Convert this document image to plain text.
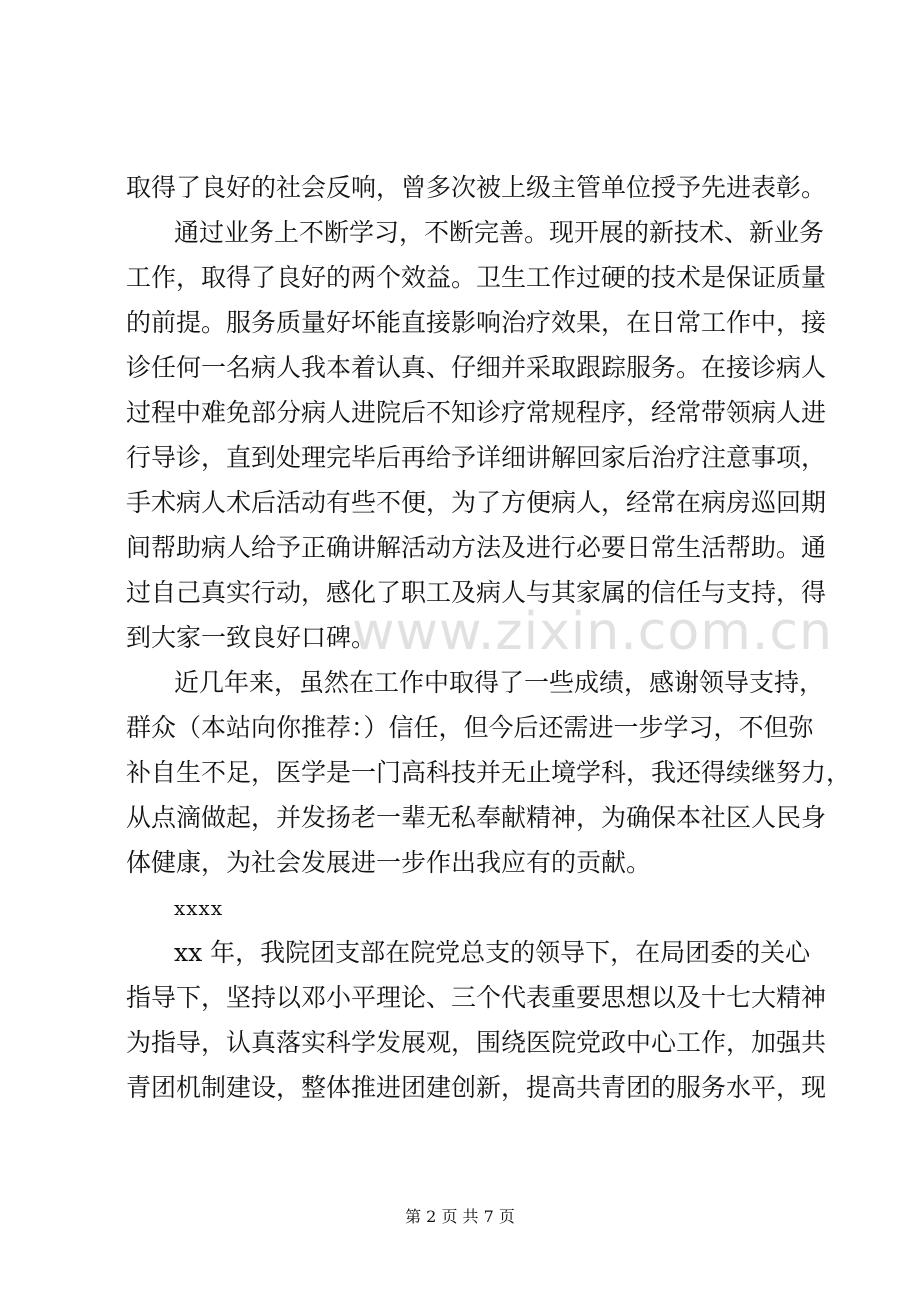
取得了良好的社会反响，曾多次被上级主管单位授予先进表彰。
通过业务上不断学习，不断完善。现开展的新技术、新业务
工作，取得了良好的两个效益。卫生工作过硬的技术是保证质量
的前提。服务质量好坏能直接影响治疗效果，在日常工作中，接
诊任何一名病人我本着认真、仔细并采取跟踪服务。在接诊病人
过程中难免部分病人进院后不知诊疗常规程序，经常带领病人进
行导诊，直到处理完毕后再给予详细讲解回家后治疗注意事项，
手术病人术后活动有些不便，为了方便病人，经常在病房巡回期
间帮助病人给予正确讲解活动方法及进行必要日常生活帮助。通
过自己真实行动，感化了职工及病人与其家属的信任与支持，得
到大家一致良好口碑。
近几年来，虽然在工作中取得了一些成绩，感谢领导支持，
群众（本站向你推荐：）信任，但今后还需进一步学习，不但弥
补自生不足，医学是一门高科技并无止境学科，我还得续继努力，
从点滴做起，并发扬老一辈无私奉献精神，为确保本社区人民身
体健康，为社会发展进一步作出我应有的贡献。
xxxx
xx 年，我院团支部在院党总支的领导下，在局团委的关心
指导下，坚持以邓小平理论、三个代表重要思想以及十七大精神
为指导，认真落实科学发展观，围绕医院党政中心工作，加强共
青团机制建设，整体推进团建创新，提高共青团的服务水平，现
www.zixin.com.cn
第 2 页 共 7 页
